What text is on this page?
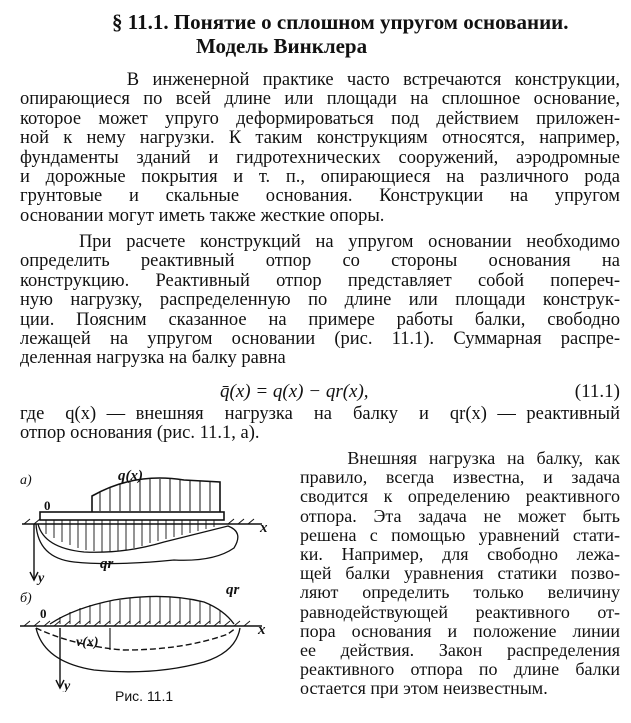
§ 11.1. Понятие о сплошном упругом основании.
Модель Винклера

В инженерной практике часто встречаются конструкции,
опирающиеся по всей длине или площади на сплошное основание,
которое может упруго деформироваться под действием приложен-
ной к нему нагрузки. К таким конструкциям относятся, например,
фундаменты зданий и гидротехнических сооружений, аэродромные
и дорожные покрытия и т. п., опирающиеся на различного рода
грунтовые и скальные основания. Конструкции на упругом
основании могут иметь также жесткие опоры.

При расчете конструкций на упругом основании необходимо
определить реактивный отпор со стороны основания на
конструкцию. Реактивный отпор представляет собой попереч-
ную нагрузку, распределенную по длине или площади конструк-
ции. Поясним сказанное на примере работы балки, свободно
лежащей на упругом основании (рис. 11.1). Суммарная распре-
деленная нагрузка на балку равна

q̄(x) = q(x) − qr(x),	(11.1)

где  q(x) — внешняя  нагрузка  на  балку  и  qr(x) — реактивный
отпор основания (рис. 11.1, а).

Внешняя нагрузка на балку, как
правило, всегда известна, и задача
сводится к определению реактивного
отпора. Эта задача не может быть
решена с помощью уравнений стати-
ки. Например, для свободно лежа-
щей балки уравнения статики позво-
ляют определить только величину
равнодействующей реактивного от-
пора основания и положение линии
ее действия. Закон распределения
реактивного отпора по длине балки
остается при этом неизвестным.

а)	q(x)
0
x
qr
y
б)
0
qr
x
v(x)
y
Рис. 11.1
